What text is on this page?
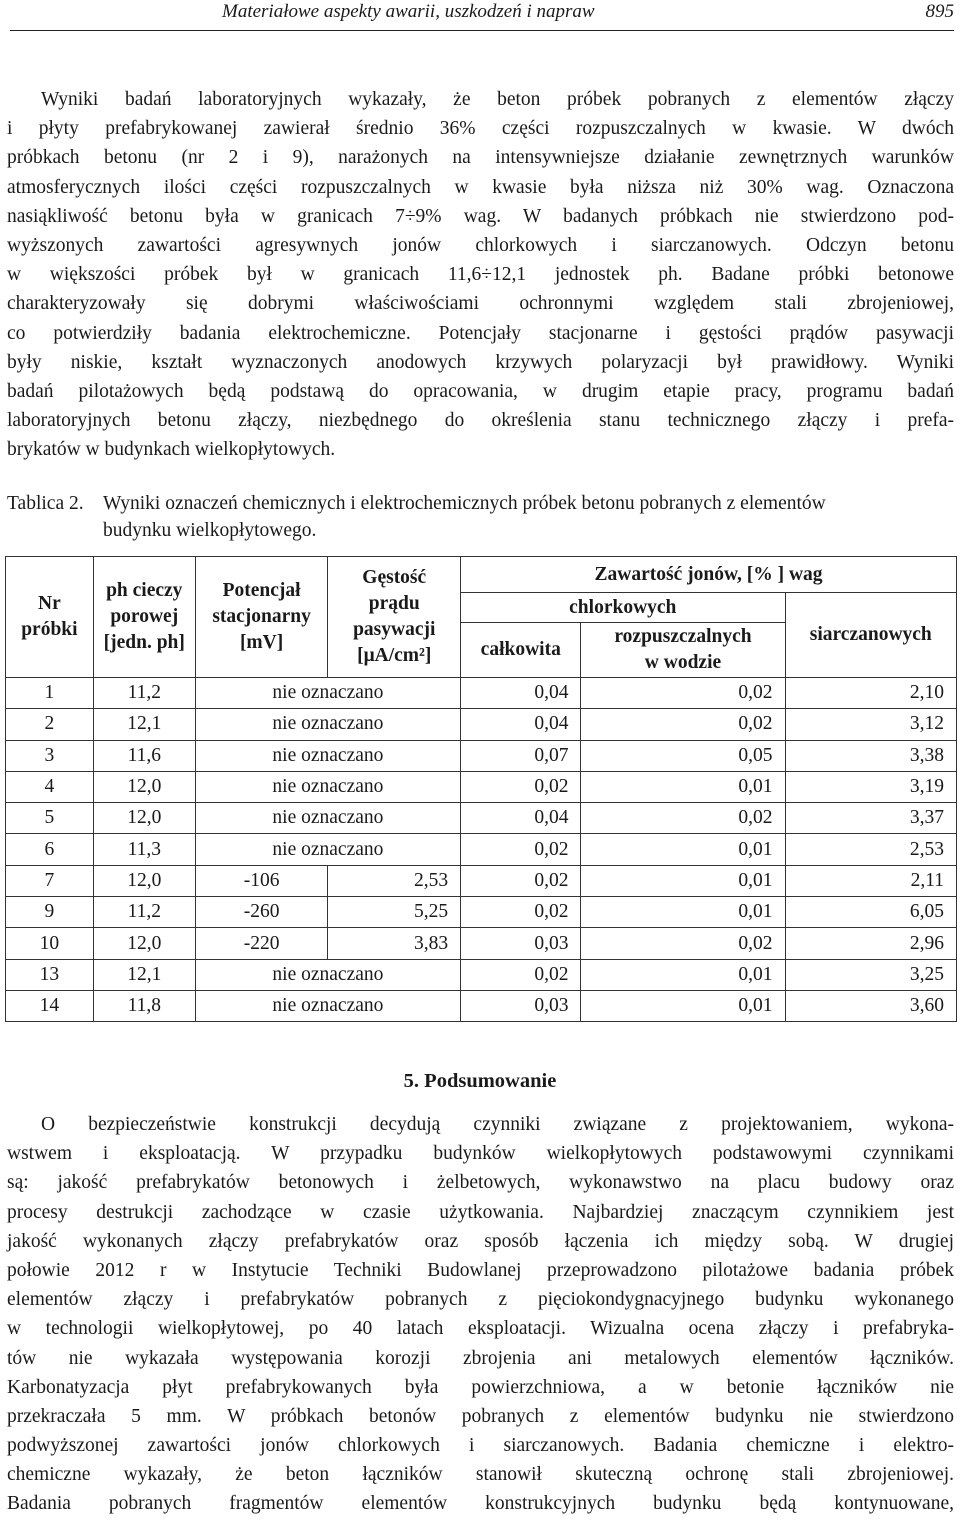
Materiałowe aspekty awarii, uszkodzeń i napraw	895
Wyniki badań laboratoryjnych wykazały, że beton próbek pobranych z elementów złączy
i płyty prefabrykowanej zawierał średnio 36% części rozpuszczalnych w kwasie. W dwóch
próbkach betonu (nr 2 i 9), narażonych na intensywniejsze działanie zewnętrznych warunków
atmosferycznych ilości części rozpuszczalnych w kwasie była niższa niż 30% wag. Oznaczona
nasiąkliwość betonu była w granicach 7÷9% wag. W badanych próbkach nie stwierdzono pod-
wyższonych zawartości agresywnych jonów chlorkowych i siarczanowych. Odczyn betonu
w większości próbek był w granicach 11,6÷12,1 jednostek ph. Badane próbki betonowe
charakteryzowały się dobrymi właściwościami ochronnymi względem stali zbrojeniowej,
co potwierdziły badania elektrochemiczne. Potencjały stacjonarne i gęstości prądów pasywacji
były niskie, kształt wyznaczonych anodowych krzywych polaryzacji był prawidłowy. Wyniki
badań pilotażowych będą podstawą do opracowania, w drugim etapie pracy, programu badań
laboratoryjnych betonu złączy, niezbędnego do określenia stanu technicznego złączy i prefa-
brykatów w budynkach wielkopłytowych.
Tablica 2. Wyniki oznaczeń chemicznych i elektrochemicznych próbek betonu pobranych z elementów
budynku wielkopłytowego.
Nr
próbki	ph cieczy
porowej
[jedn. ph]	Potencjał
stacjonarny
[mV]	Gęstość
prądu
pasywacji
[μA/cm²]	Zawartość jonów, [% ] wag		
				chlorkowych		siarczanowych
				całkowita	rozpuszczalnych
w wodzie	
1	11,2	nie oznaczano		0,04	0,02	2,10
2	12,1	nie oznaczano		0,04	0,02	3,12
3	11,6	nie oznaczano		0,07	0,05	3,38
4	12,0	nie oznaczano		0,02	0,01	3,19
5	12,0	nie oznaczano		0,04	0,02	3,37
6	11,3	nie oznaczano		0,02	0,01	2,53
7	12,0	-106	2,53	0,02	0,01	2,11
9	11,2	-260	5,25	0,02	0,01	6,05
10	12,0	-220	3,83	0,03	0,02	2,96
13	12,1	nie oznaczano		0,02	0,01	3,25
14	11,8	nie oznaczano		0,03	0,01	3,60
5. Podsumowanie
O bezpieczeństwie konstrukcji decydują czynniki związane z projektowaniem, wykona-
wstwem i eksploatacją. W przypadku budynków wielkopłytowych podstawowymi czynnikami
są: jakość prefabrykatów betonowych i żelbetowych, wykonawstwo na placu budowy oraz
procesy destrukcji zachodzące w czasie użytkowania. Najbardziej znaczącym czynnikiem jest
jakość wykonanych złączy prefabrykatów oraz sposób łączenia ich między sobą. W drugiej
połowie 2012 r w Instytucie Techniki Budowlanej przeprowadzono pilotażowe badania próbek
elementów złączy i prefabrykatów pobranych z pięciokondygnacyjnego budynku wykonanego
w technologii wielkopłytowej, po 40 latach eksploatacji. Wizualna ocena złączy i prefabryka-
tów nie wykazała występowania korozji zbrojenia ani metalowych elementów łączników.
Karbonatyzacja płyt prefabrykowanych była powierzchniowa, a w betonie łączników nie
przekraczała 5 mm. W próbkach betonów pobranych z elementów budynku nie stwierdzono
podwyższonej zawartości jonów chlorkowych i siarczanowych. Badania chemiczne i elektro-
chemiczne wykazały, że beton łączników stanowił skuteczną ochronę stali zbrojeniowej.
Badania pobranych fragmentów elementów konstrukcyjnych budynku będą kontynuowane,
